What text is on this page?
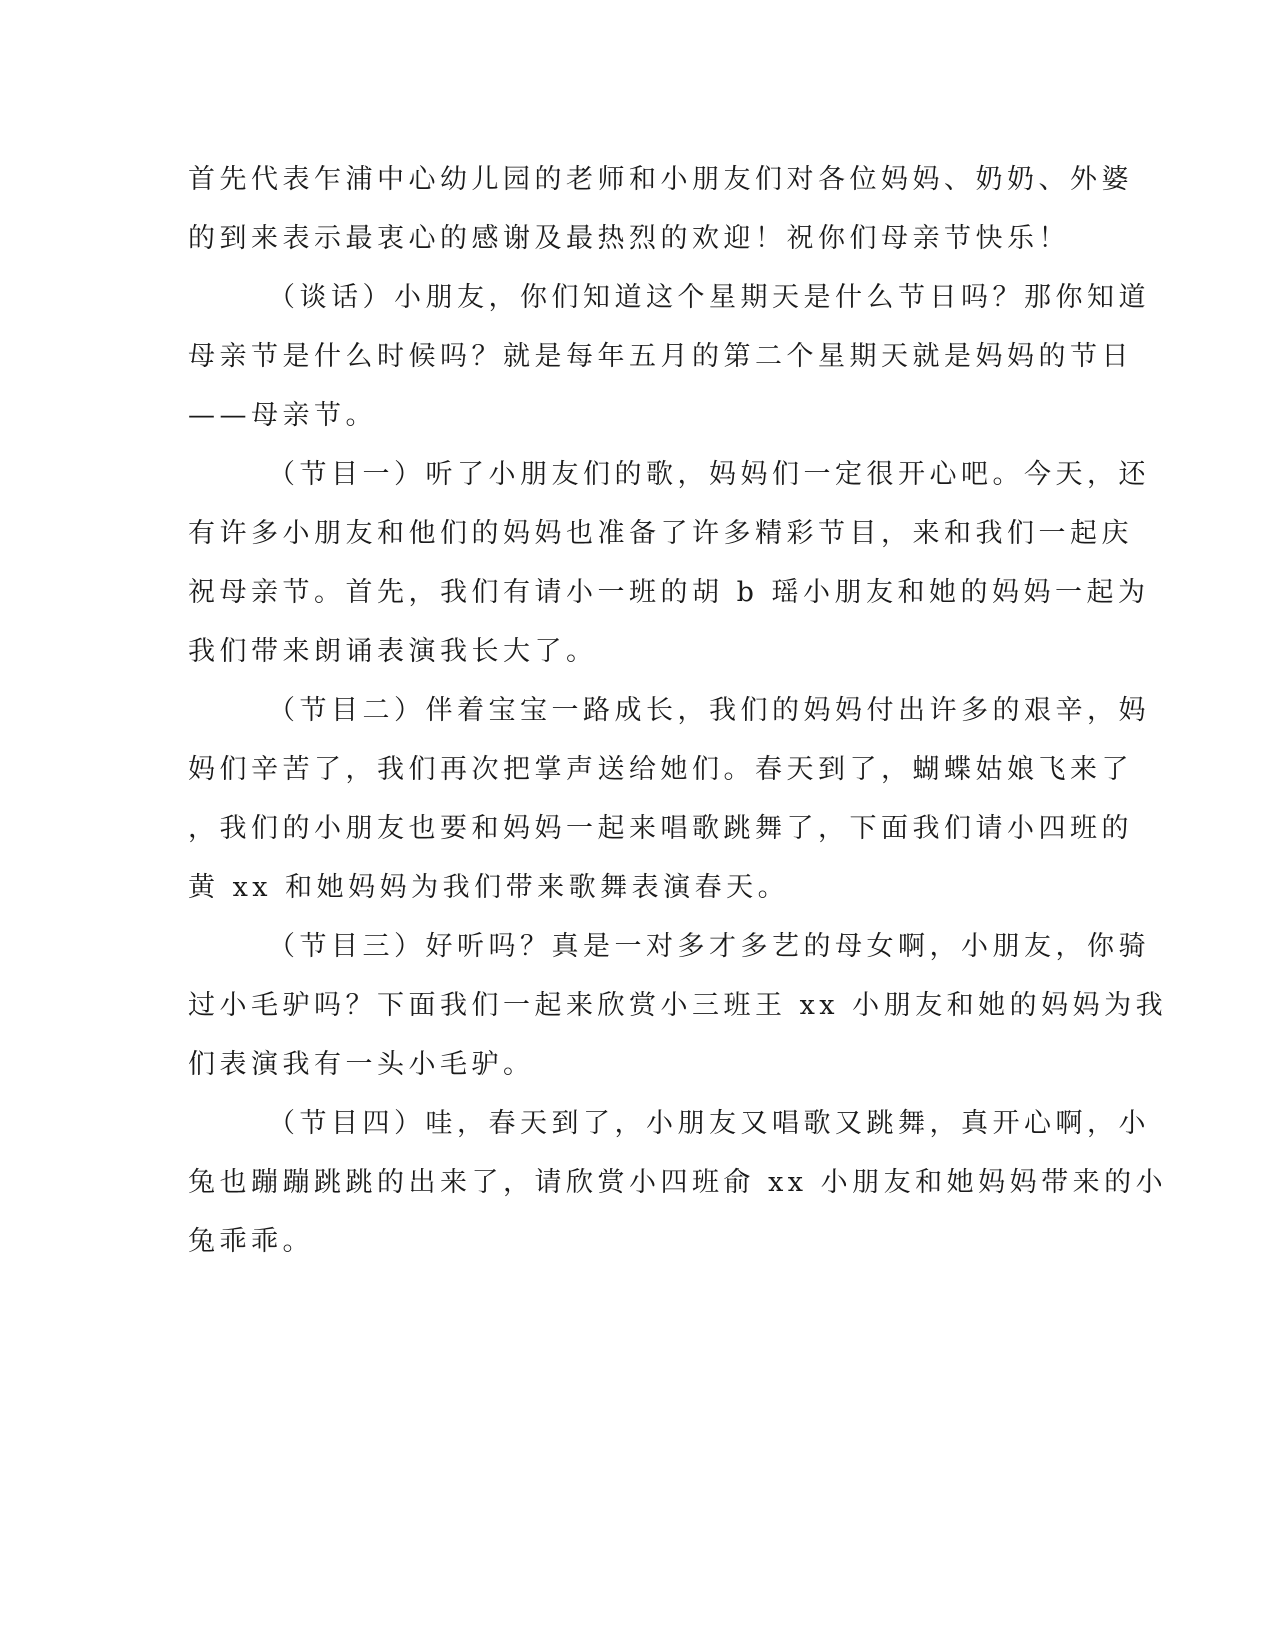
首先代表乍浦中心幼儿园的老师和小朋友们对各位妈妈、奶奶、外婆
的到来表示最衷心的感谢及最热烈的欢迎！祝你们母亲节快乐！
（谈话）小朋友，你们知道这个星期天是什么节日吗？那你知道
母亲节是什么时候吗？就是每年五月的第二个星期天就是妈妈的节日
——母亲节。
（节目一）听了小朋友们的歌，妈妈们一定很开心吧。今天，还
有许多小朋友和他们的妈妈也准备了许多精彩节目，来和我们一起庆
祝母亲节。首先，我们有请小一班的胡 b 瑶小朋友和她的妈妈一起为
我们带来朗诵表演我长大了。
（节目二）伴着宝宝一路成长，我们的妈妈付出许多的艰辛，妈
妈们辛苦了，我们再次把掌声送给她们。春天到了，蝴蝶姑娘飞来了
，我们的小朋友也要和妈妈一起来唱歌跳舞了，下面我们请小四班的
黄 xx 和她妈妈为我们带来歌舞表演春天。
（节目三）好听吗？真是一对多才多艺的母女啊，小朋友，你骑
过小毛驴吗？下面我们一起来欣赏小三班王 xx 小朋友和她的妈妈为我
们表演我有一头小毛驴。
（节目四）哇，春天到了，小朋友又唱歌又跳舞，真开心啊，小
兔也蹦蹦跳跳的出来了，请欣赏小四班俞 xx 小朋友和她妈妈带来的小
兔乖乖。
